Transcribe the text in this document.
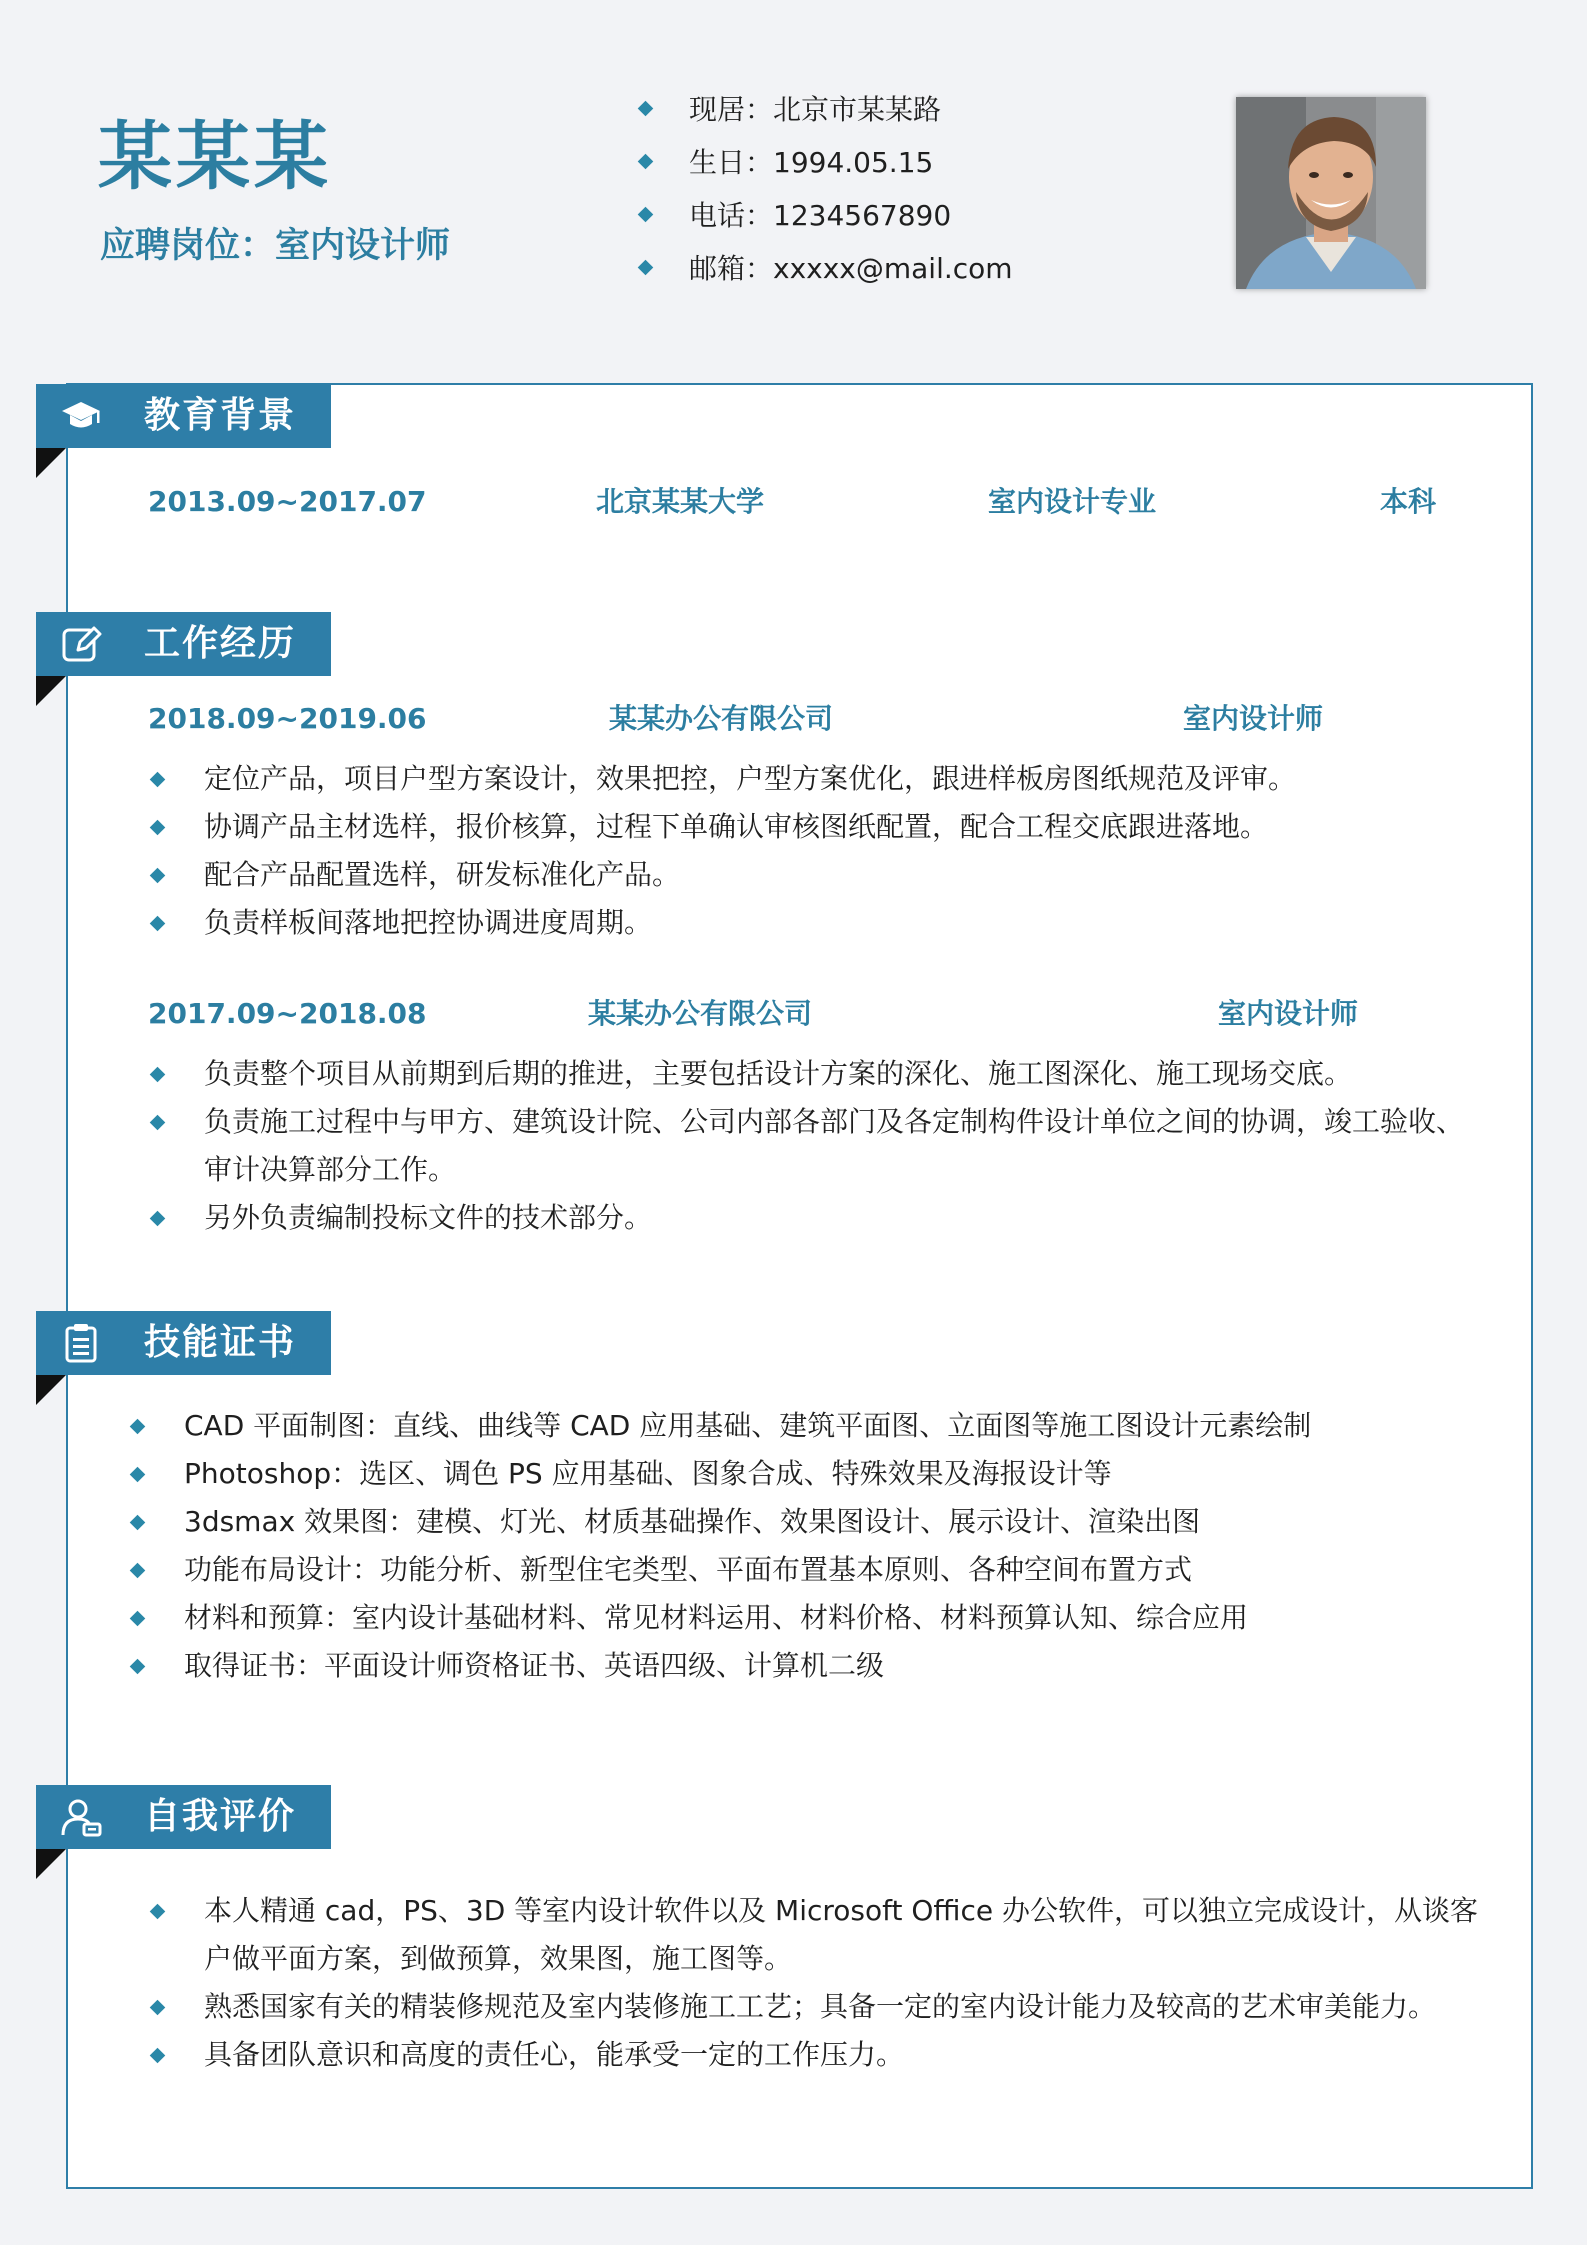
某某某
应聘岗位：室内设计师
现居：北京市某某路
生日：1994.05.15
电话：1234567890
邮箱：xxxxx@mail.com
教育背景
2013.09~2017.07	北京某某大学	室内设计专业	本科
工作经历
2018.09~2019.06	某某办公有限公司	室内设计师
定位产品，项目户型方案设计，效果把控，户型方案优化，跟进样板房图纸规范及评审。
协调产品主材选样，报价核算，过程下单确认审核图纸配置，配合工程交底跟进落地。
配合产品配置选样，研发标准化产品。
负责样板间落地把控协调进度周期。
2017.09~2018.08	某某办公有限公司	室内设计师
负责整个项目从前期到后期的推进，主要包括设计方案的深化、施工图深化、施工现场交底。
负责施工过程中与甲方、建筑设计院、公司内部各部门及各定制构件设计单位之间的协调，竣工验收、审计决算部分工作。
另外负责编制投标文件的技术部分。
技能证书
CAD 平面制图：直线、曲线等 CAD 应用基础、建筑平面图、立面图等施工图设计元素绘制
Photoshop：选区、调色 PS 应用基础、图象合成、特殊效果及海报设计等
3dsmax 效果图：建模、灯光、材质基础操作、效果图设计、展示设计、渲染出图
功能布局设计：功能分析、新型住宅类型、平面布置基本原则、各种空间布置方式
材料和预算：室内设计基础材料、常见材料运用、材料价格、材料预算认知、综合应用
取得证书：平面设计师资格证书、英语四级、计算机二级
自我评价
本人精通 cad，PS、3D 等室内设计软件以及 Microsoft Office 办公软件，可以独立完成设计，从谈客户做平面方案，到做预算，效果图，施工图等。
熟悉国家有关的精装修规范及室内装修施工工艺；具备一定的室内设计能力及较高的艺术审美能力。
具备团队意识和高度的责任心，能承受一定的工作压力。
